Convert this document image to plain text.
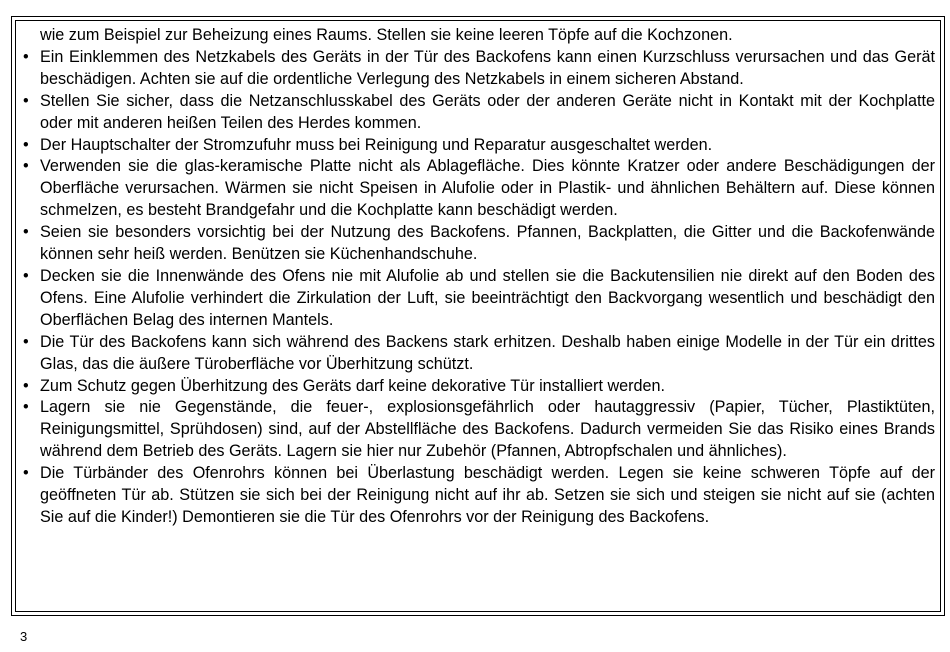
wie zum Beispiel zur Beheizung eines Raums. Stellen sie keine leeren Töpfe auf die Kochzonen.

• Ein Einklemmen des Netzkabels des Geräts in der Tür des Backofens kann einen Kurzschluss verursachen und das Gerät beschädigen. Achten sie auf die ordentliche Verlegung des Netzkabels in einem sicheren Abstand.
• Stellen Sie sicher, dass die Netzanschlusskabel des Geräts oder der anderen Geräte nicht in Kontakt mit der Kochplatte oder mit anderen heißen Teilen des Herdes kommen.
• Der Hauptschalter der Stromzufuhr muss bei Reinigung und Reparatur ausgeschaltet werden.
• Verwenden sie die glas-keramische Platte nicht als Ablagefläche. Dies könnte Kratzer oder andere Beschädigungen der Oberfläche verursachen. Wärmen sie nicht Speisen in Alufolie oder in Plastik- und ähnlichen Behältern auf. Diese können schmelzen, es besteht Brandgefahr und die Kochplatte kann beschädigt werden.
• Seien sie besonders vorsichtig bei der Nutzung des Backofens. Pfannen, Backplatten, die Gitter und die Backofenwände können sehr heiß werden. Benützen sie Küchenhandschuhe.
• Decken sie die Innenwände des Ofens nie mit Alufolie ab und stellen sie die Backutensilien nie direkt auf den Boden des Ofens. Eine Alufolie verhindert die Zirkulation der Luft, sie beeinträchtigt den Backvorgang wesentlich und beschädigt den Oberflächen Belag des internen Mantels.
• Die Tür des Backofens kann sich während des Backens stark erhitzen. Deshalb haben einige Modelle in der Tür ein drittes Glas, das die äußere Türoberfläche vor Überhitzung schützt.
• Zum Schutz gegen Überhitzung des Geräts darf keine dekorative Tür installiert werden.
• Lagern sie nie Gegenstände, die feuer-, explosionsgefährlich oder hautaggressiv (Papier, Tücher, Plastiktüten, Reinigungsmittel, Sprühdosen) sind, auf der Abstellfläche des Backofens. Dadurch vermeiden Sie das Risiko eines Brands während dem Betrieb des Geräts. Lagern sie hier nur Zubehör (Pfannen, Abtropfschalen und ähnliches).
• Die Türbänder des Ofenrohrs können bei Überlastung beschädigt werden. Legen sie keine schweren Töpfe auf der geöffneten Tür ab. Stützen sie sich bei der Reinigung nicht auf ihr ab. Setzen sie sich und steigen sie nicht auf sie (achten Sie auf die Kinder!) Demontieren sie die Tür des Ofenrohrs vor der Reinigung des Backofens.
3
